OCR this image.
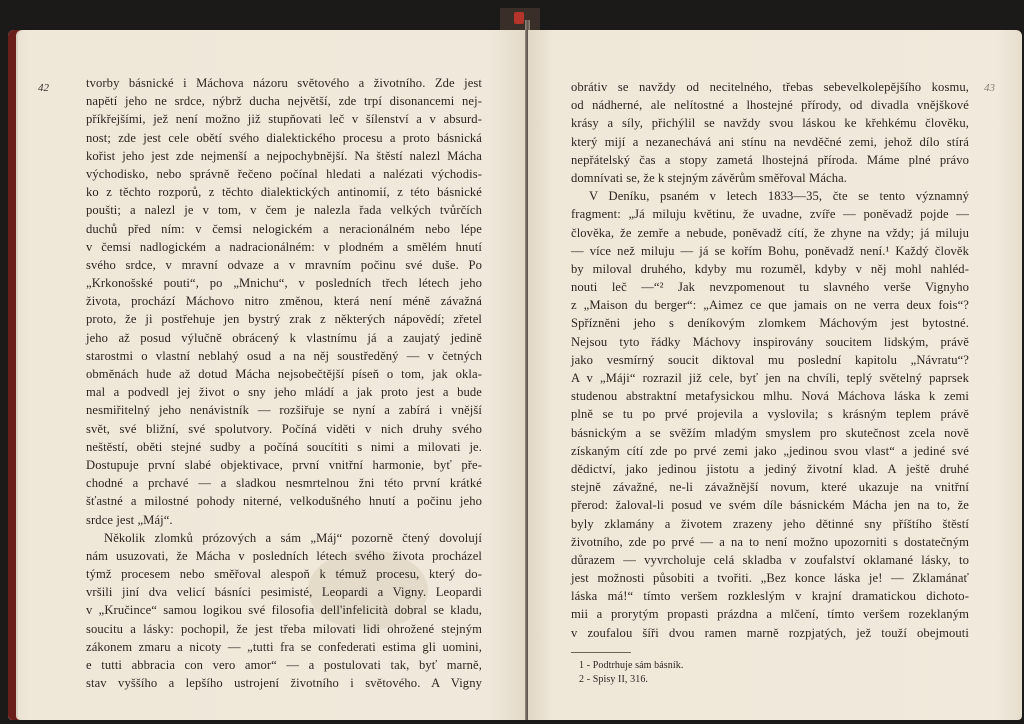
42	tvorby básnické i Máchova názoru světového a životního. Zde jest
napětí jeho ne srdce, nýbrž ducha největší, zde trpí disonancemi nej-
příkřejšími, jež není možno již stupňovati leč v šílenství a v absurd-
nost; zde jest cele obětí svého dialektického procesu a proto básnická
kořist jeho jest zde nejmenší a nejpochybnější. Na štěstí nalezl Mácha
východisko, nebo správně řečeno počínal hledati a nalézati východis-
ko z těchto rozporů, z těchto dialektických antinomií, z této básnické
poušti; a nalezl je v tom, v čem je nalezla řada velkých tvůrčích
duchů před ním: v čemsi nelogickém a neracionálném nebo lépe
v čemsi nadlogickém a nadracionálném: v plodném a smělém hnutí
svého srdce, v mravní odvaze a v mravním počinu své duše. Po
„Krkonošské pouti“, po „Mnichu“, v posledních třech létech jeho
života, prochází Máchovo nitro změnou, která není méně závažná
proto, že ji postřehuje jen bystrý zrak z některých nápovědí; zřetel
jeho až posud výlučně obrácený k vlastnímu já a zaujatý jedině
starostmi o vlastní neblahý osud a na něj soustředěný — v četných
obměnách hude až dotud Mácha nejsobečtější píseň o tom, jak okla-
mal a podvedl jej život o sny jeho mládí a jak proto jest a bude
nesmiřitelný jeho nenávistník — rozšiřuje se nyní a zabírá i vnější
svět, své bližní, své spolutvory. Počíná viděti v nich druhy svého
neštěstí, oběti stejné sudby a počíná soucítiti s nimi a milovati je.
Dostupuje první slabé objektivace, první vnitřní harmonie, byť pře-
chodné a prchavé — a sladkou nesmrtelnou žni této první krátké
šťastné a milostné pohody niterné, velkodušného hnutí a počinu jeho
srdce jest „Máj“.
Několik zlomků prózových a sám „Máj“ pozorně čtený dovolují
nám usuzovati, že Mácha v posledních létech svého života procházel
týmž procesem nebo směřoval alespoň k témuž procesu, který do-
vršili jiní dva velicí básníci pesimisté, Leopardi a Vigny. Leopardi
v „Kručince“ samou logikou své filosofia dell'infelicità dobral se kladu,
soucitu a lásky: pochopil, že jest třeba milovati lidi ohrožené stejným
zákonem zmaru a nicoty — „tutti fra se confederati estima gli uomini,
e tutti abbracia con vero amor“ — a postulovati tak, byť marně,
stav vyššího a lepšího ustrojení životního i světového. A Vigny
43
obrátiv se navždy od necitelného, třebas sebevelkolepějšího kosmu,
od nádherné, ale nelítostné a lhostejné přírody, od divadla vnějškové
krásy a síly, přichýlil se navždy svou láskou ke křehkému člověku,
který mijí a nezanechává ani stínu na nevděčné zemi, jehož dílo stírá
nepřátelský čas a stopy zametá lhostejná příroda. Máme plné právo
domnívati se, že k stejným závěrům směřoval Mácha.
V Deníku, psaném v letech 1833—35, čte se tento významný
fragment: „Já miluju květinu, že uvadne, zvíře — poněvadž pojde —
člověka, že zemře a nebude, poněvadž cítí, že zhyne na vždy; já miluju
— více než miluju — já se kořím Bohu, poněvadž není.¹ Každý člověk
by miloval druhého, kdyby mu rozuměl, kdyby v něj mohl nahléd-
nouti leč —“² Jak nevzpomenout tu slavného verše Vignyho
z „Maison du berger“: „Aimez ce que jamais on ne verra deux fois“?
Spřízněni jeho s deníkovým zlomkem Máchovým jest bytostné.
Nejsou tyto řádky Máchovy inspirovány soucitem lidským, právě
jako vesmírný soucit diktoval mu poslední kapitolu „Návratu“?
A v „Máji“ rozrazil již cele, byť jen na chvíli, teplý světelný paprsek
studenou abstraktní metafysickou mlhu. Nová Máchova láska k zemi
plně se tu po prvé projevila a vyslovila; s krásným teplem právě
básnickým a se svěžím mladým smyslem pro skutečnost zcela nově
získaným cítí zde po prvé zemi jako „jedinou svou vlast“ a jediné své
dědictví, jako jedinou jistotu a jediný životní klad. A ještě druhé
stejně závažné, ne-li závažnější novum, které ukazuje na vnitřní
přerod: žaloval-li posud ve svém díle básnickém Mácha jen na to, že
byly zklamány a životem zrazeny jeho dětinné sny příštího štěstí
životního, zde po prvé — a na to není možno upozorniti s dostatečným
důrazem — vyvrcholuje celá skladba v zoufalství oklamané lásky, to
jest možnosti působiti a tvořiti. „Bez konce láska je! — Zklamánať
láska má!“ tímto veršem rozkleslým v krajní dramatickou dichoto-
mii a prorytým propasti prázdna a mlčení, tímto veršem rozeklaným
v zoufalou šíři dvou ramen marně rozpjatých, jež touží obejmouti
1 - Podtrhuje sám básník.
2 - Spisy II, 316.
